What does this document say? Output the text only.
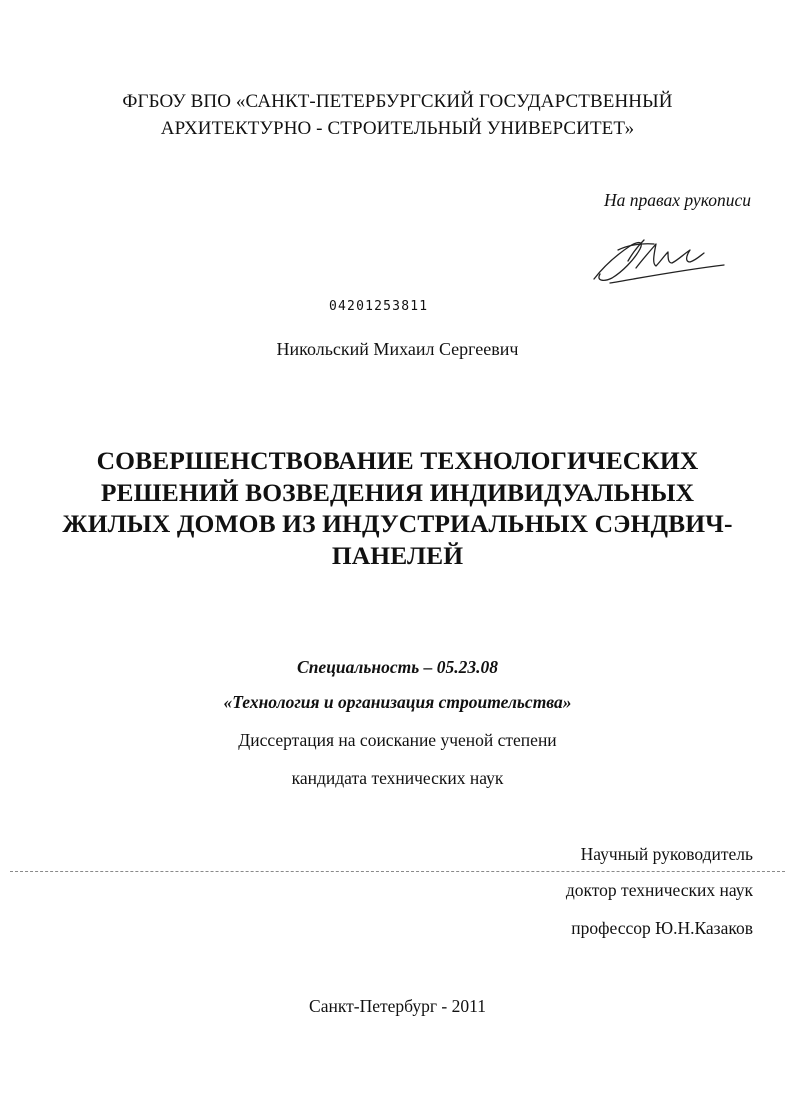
ФГБОУ ВПО «САНКТ-ПЕТЕРБУРГСКИЙ ГОСУДАРСТВЕННЫЙ
АРХИТЕКТУРНО - СТРОИТЕЛЬНЫЙ УНИВЕРСИТЕТ»
На правах рукописи
04201253811
Никольский Михаил Сергеевич
СОВЕРШЕНСТВОВАНИЕ ТЕХНОЛОГИЧЕСКИХ
РЕШЕНИЙ ВОЗВЕДЕНИЯ ИНДИВИДУАЛЬНЫХ
ЖИЛЫХ ДОМОВ ИЗ ИНДУСТРИАЛЬНЫХ СЭНДВИЧ-
ПАНЕЛЕЙ
Специальность – 05.23.08
«Технология и организация строительства»
Диссертация на соискание ученой степени
кандидата технических наук
Научный руководитель
доктор технических наук
профессор Ю.Н.Казаков
Санкт-Петербург - 2011
